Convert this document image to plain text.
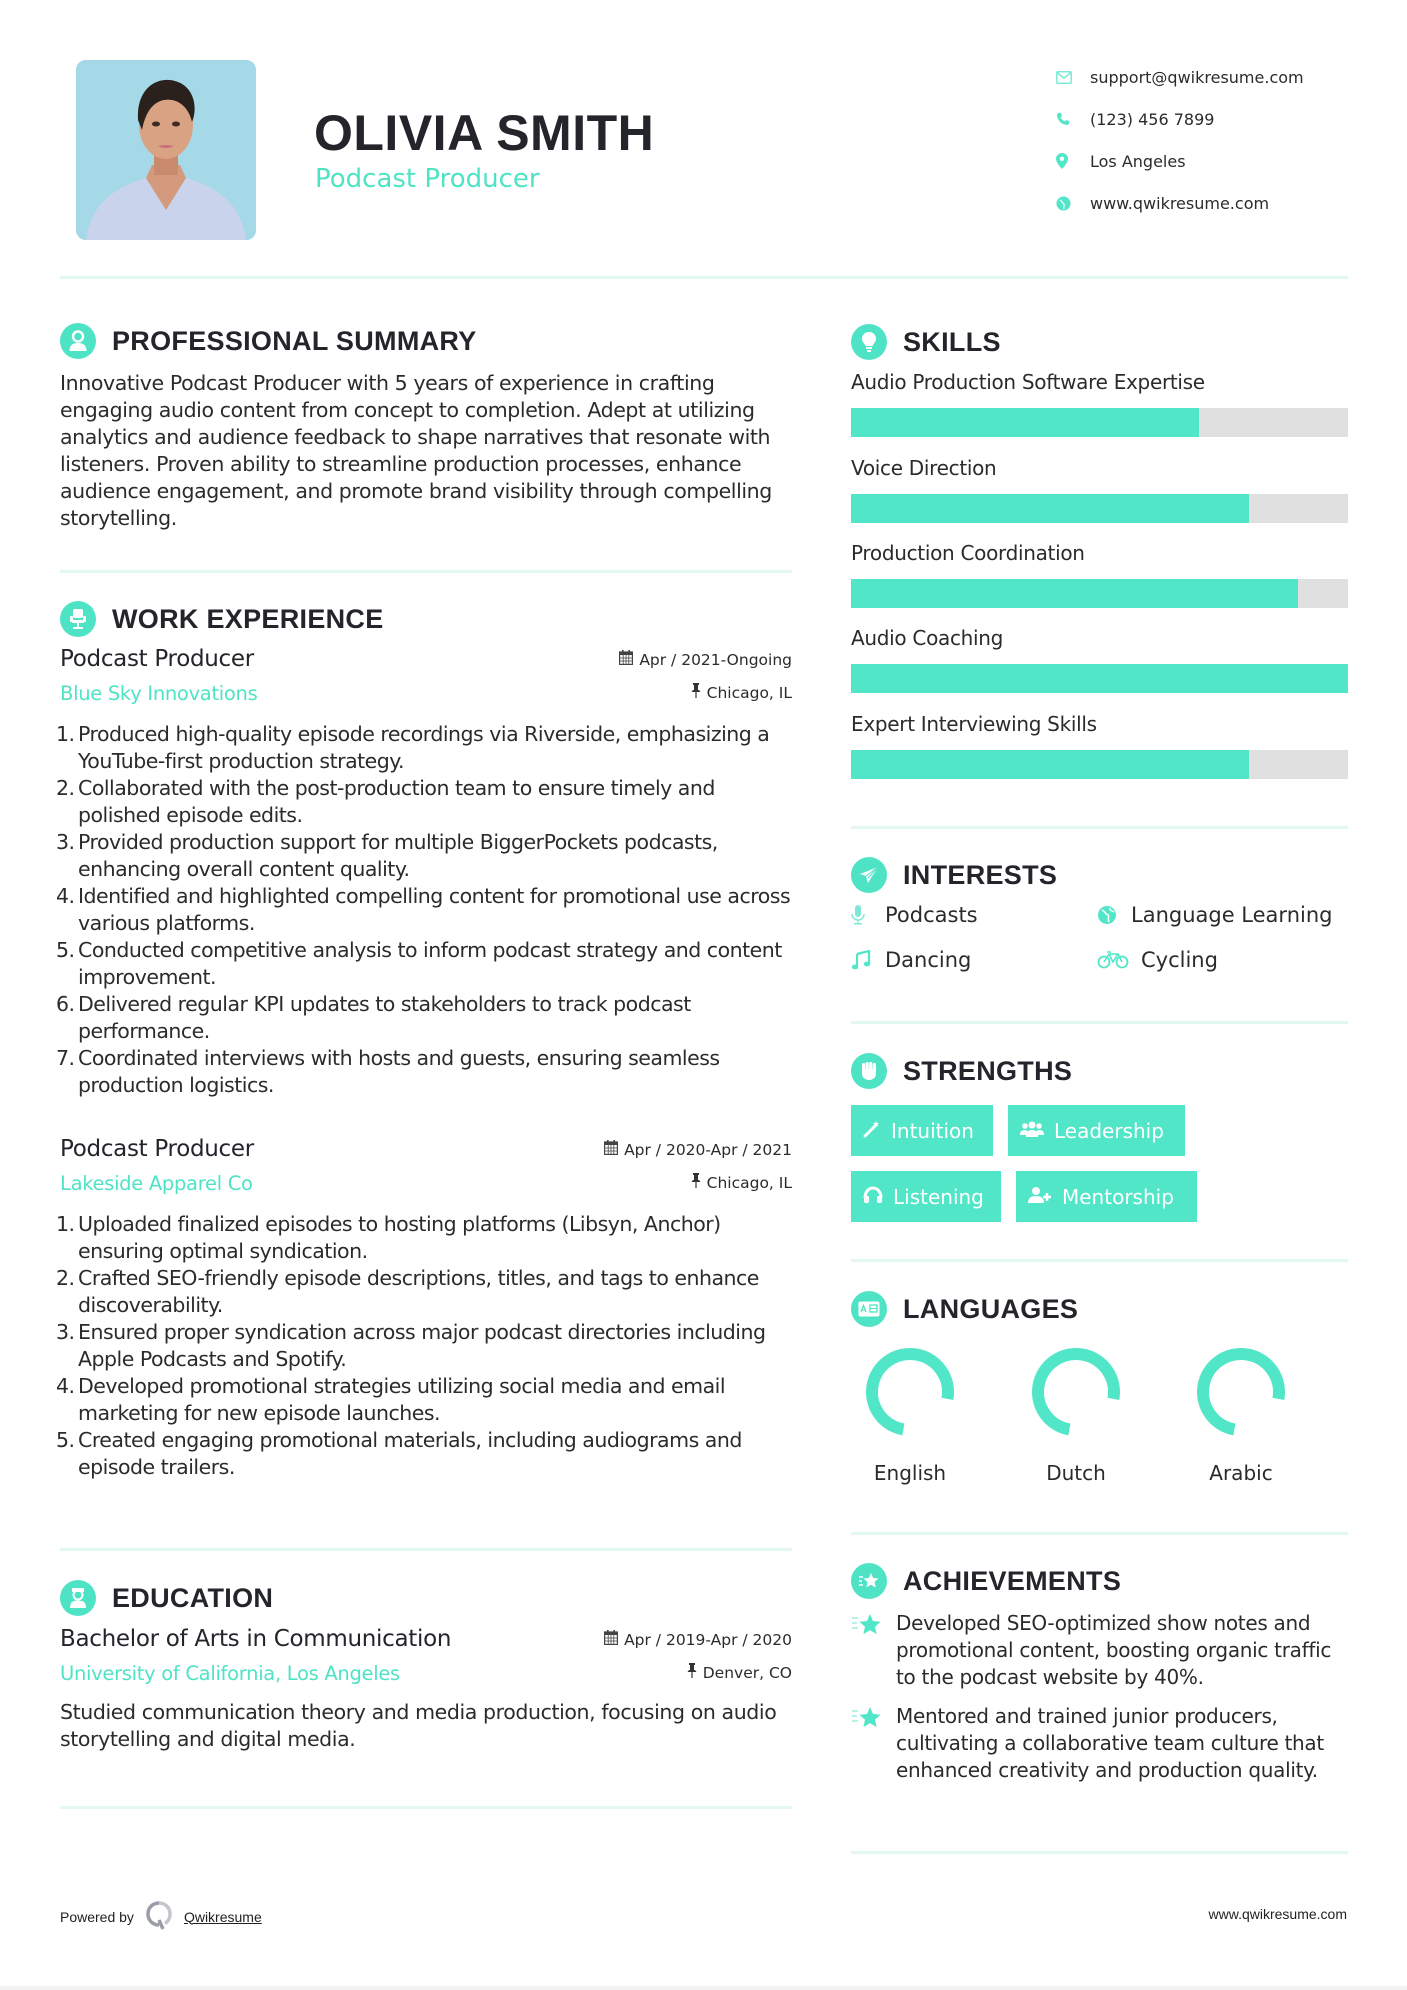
OLIVIA SMITH
Podcast Producer
support@qwikresume.com
(123) 456 7899
Los Angeles
www.qwikresume.com
PROFESSIONAL SUMMARY
Innovative Podcast Producer with 5 years of experience in crafting engaging audio content from concept to completion. Adept at utilizing analytics and audience feedback to shape narratives that resonate with listeners. Proven ability to streamline production processes, enhance audience engagement, and promote brand visibility through compelling storytelling.
WORK EXPERIENCE
Podcast Producer
Blue Sky Innovations
Apr / 2021-Ongoing
Chicago, IL
1. Produced high-quality episode recordings via Riverside, emphasizing a YouTube-first production strategy.
2. Collaborated with the post-production team to ensure timely and polished episode edits.
3. Provided production support for multiple BiggerPockets podcasts, enhancing overall content quality.
4. Identified and highlighted compelling content for promotional use across various platforms.
5. Conducted competitive analysis to inform podcast strategy and content improvement.
6. Delivered regular KPI updates to stakeholders to track podcast performance.
7. Coordinated interviews with hosts and guests, ensuring seamless production logistics.
Podcast Producer
Lakeside Apparel Co
Apr / 2020-Apr / 2021
Chicago, IL
1. Uploaded finalized episodes to hosting platforms (Libsyn, Anchor) ensuring optimal syndication.
2. Crafted SEO-friendly episode descriptions, titles, and tags to enhance discoverability.
3. Ensured proper syndication across major podcast directories including Apple Podcasts and Spotify.
4. Developed promotional strategies utilizing social media and email marketing for new episode launches.
5. Created engaging promotional materials, including audiograms and episode trailers.
EDUCATION
Bachelor of Arts in Communication
University of California, Los Angeles
Apr / 2019-Apr / 2020
Denver, CO
Studied communication theory and media production, focusing on audio storytelling and digital media.
SKILLS
Audio Production Software Expertise
Voice Direction
Production Coordination
Audio Coaching
Expert Interviewing Skills
INTERESTS
Podcasts	Language Learning
Dancing	Cycling
STRENGTHS
Intuition	Leadership
Listening	Mentorship
LANGUAGES
English	Dutch	Arabic
ACHIEVEMENTS
Developed SEO-optimized show notes and promotional content, boosting organic traffic to the podcast website by 40%.
Mentored and trained junior producers, cultivating a collaborative team culture that enhanced creativity and production quality.
Powered by	Qwikresume	www.qwikresume.com
